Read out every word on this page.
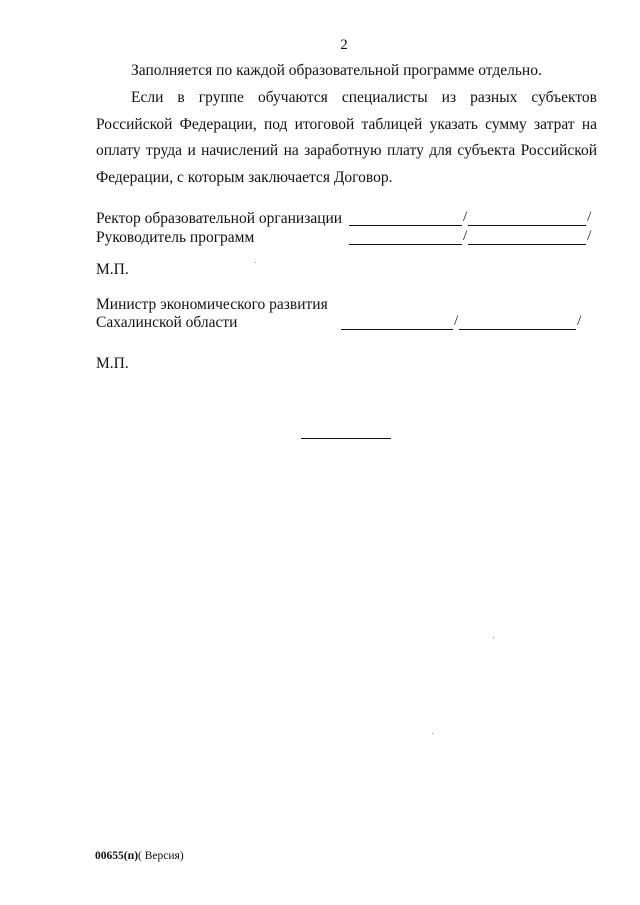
2
Заполняется по каждой образовательной программе отдельно.
Если в группе обучаются специалисты из разных субъектов Российской Федерации, под итоговой таблицей указать сумму затрат на оплату труда и начислений на заработную плату для субъекта Российской Федерации, с которым заключается Договор.
Ректор образовательной организации	/	/
Руководитель программ	/	/
М.П.
Министр экономического развития
Сахалинской области	/	/
М.П.
00655(п)( Версия)
